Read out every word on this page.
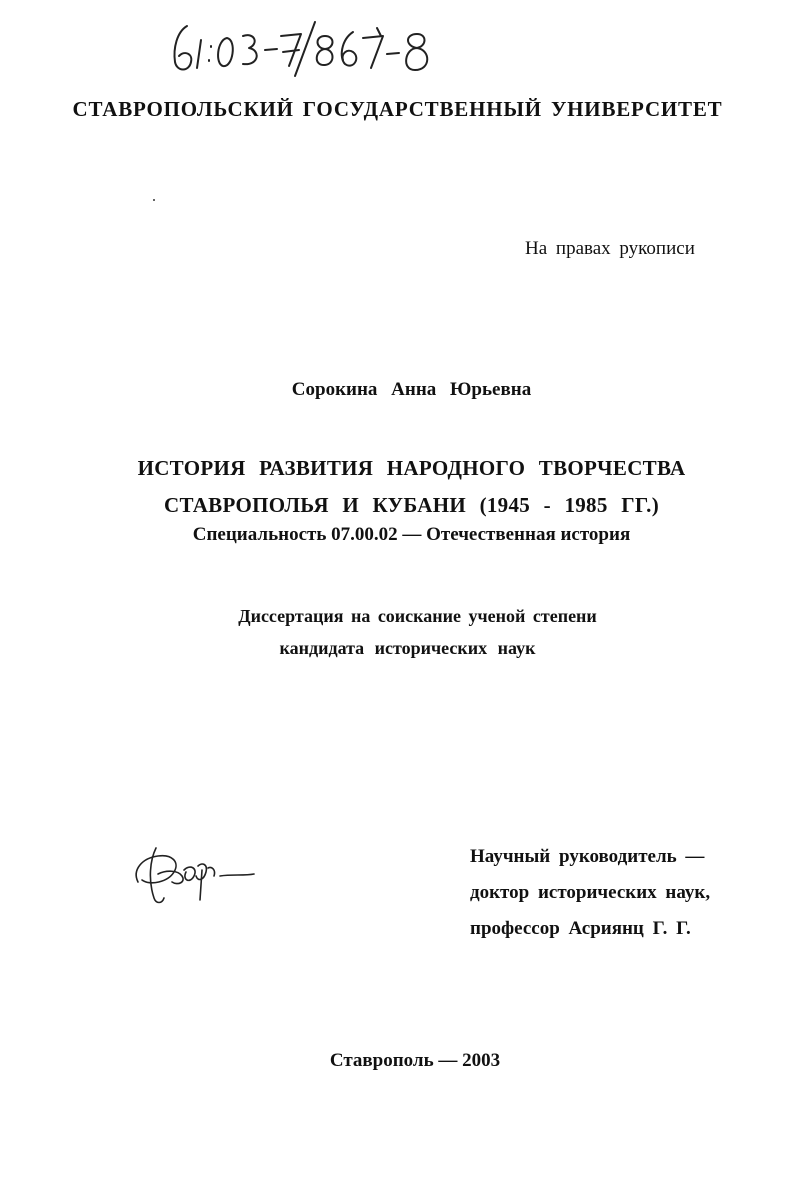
СТАВРОПОЛЬСКИЙ ГОСУДАРСТВЕННЫЙ УНИВЕРСИТЕТ
На правах рукописи
Сорокина Анна Юрьевна
ИСТОРИЯ РАЗВИТИЯ НАРОДНОГО ТВОРЧЕСТВА
СТАВРОПОЛЬЯ И КУБАНИ (1945 - 1985 ГГ.)
Специальность 07.00.02 — Отечественная история
Диссертация на соискание ученой степени
кандидата исторических наук
Научный руководитель —
доктор исторических наук,
профессор Асриянц Г. Г.
Ставрополь — 2003
